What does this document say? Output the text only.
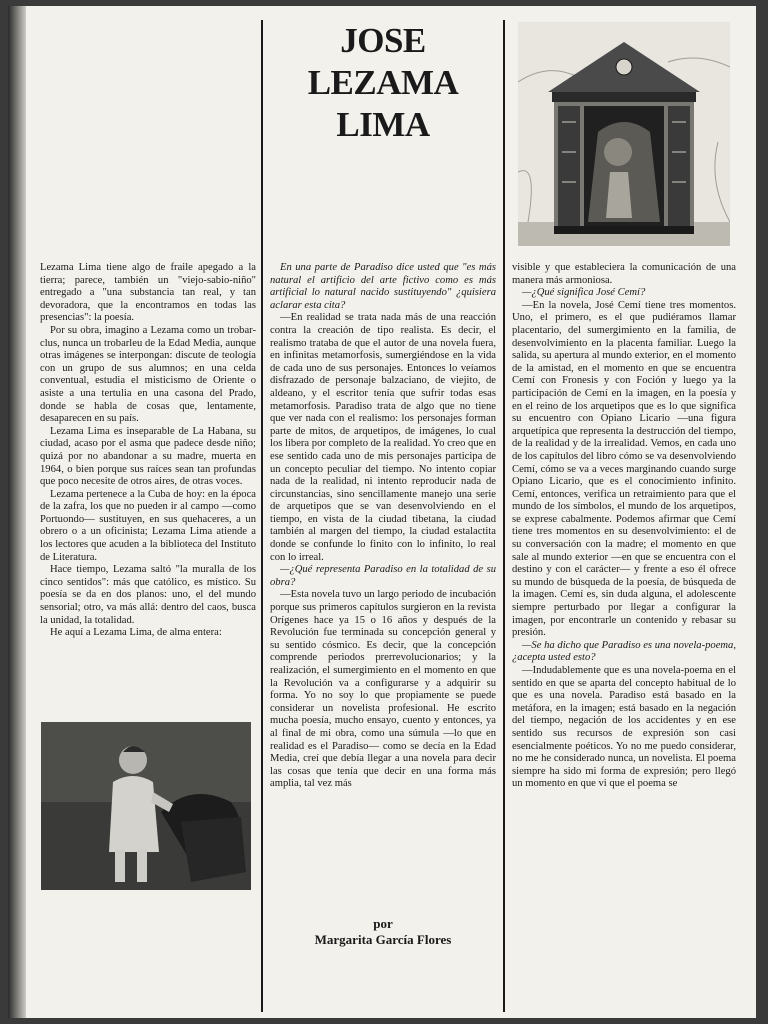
JOSE
LEZAMA
LIMA

Lezama Lima tiene algo de fraile apegado a la tierra; parece, también un "viejo-sabio-niño" entregado a "una substancia tan real, y tan devoradora, que la encontramos en todas las presencias": la poesía.

Por su obra, imagino a Lezama como un trobar-clus, nunca un trobarleu de la Edad Media, aunque otras imágenes se interpongan: discute de teología con un grupo de sus alumnos; en una celda conventual, estudia el misticismo de Oriente o asiste a una tertulia en una casona del Prado, donde se habla de cosas que, lentamente, desaparecen en su país.

Lezama Lima es inseparable de La Habana, su ciudad, acaso por el asma que padece desde niño; quizá por no abandonar a su madre, muerta en 1964, o bien porque sus raíces sean tan profundas que poco necesite de otros aires, de otras voces.

Lezama pertenece a la Cuba de hoy: en la época de la zafra, los que no pueden ir al campo —como Portuondo— sustituyen, en sus quehaceres, a un obrero o a un oficinista; Lezama Lima atiende a los lectores que acuden a la biblioteca del Instituto de Literatura.

Hace tiempo, Lezama saltó "la muralla de los cinco sentidos": más que católico, es místico. Su poesía se da en dos planos: uno, el del mundo sensorial; otro, va más allá: dentro del caos, busca la unidad, la totalidad.

He aquí a Lezama Lima, de alma entera:

En una parte de Paradiso dice usted que "es más natural el artificio del arte fictivo como es más artificial lo natural nacido sustituyendo" ¿quisiera aclarar esta cita?

—En realidad se trata nada más de una reacción contra la creación de tipo realista. Es decir, el realismo trataba de que el autor de una novela fuera, en infinitas metamorfosis, sumergiéndose en la vida de cada uno de sus personajes. Entonces lo veíamos disfrazado de personaje balzaciano, de viejito, de aldeano, y el escritor tenía que sufrir todas esas metamorfosis. Paradiso trata de algo que no tiene que ver nada con el realismo: los personajes forman parte de mitos, de arquetipos, de imágenes, lo cual los libera por completo de la realidad. Yo creo que en ese sentido cada uno de mis personajes participa de un concepto peculiar del tiempo. No intento copiar nada de la realidad, ni intento reproducir nada de circunstancias, sino sencillamente manejo una serie de arquetipos que se van desenvolviendo en el tiempo, en vista de la ciudad tibetana, la ciudad también al margen del tiempo, la ciudad estalactita donde se confunde lo finito con lo infinito, lo real con lo irreal.

—¿Qué representa Paradiso en la totalidad de su obra?

—Esta novela tuvo un largo periodo de incubación porque sus primeros capítulos surgieron en la revista Orígenes hace ya 15 o 16 años y después de la Revolución fue terminada su concepción general y su sentido cósmico. Es decir, que la concepción comprende periodos prerrevolucionarios; y la realización, el sumergimiento en el momento en que la Revolución va a configurarse y a adquirir su forma. Yo no soy lo que propiamente se puede considerar un novelista profesional. He escrito mucha poesía, mucho ensayo, cuento y entonces, ya al final de mi obra, como una súmula —lo que en realidad es el Paradiso— como se decía en la Edad Media, creí que debía llegar a una novela para decir las cosas que tenía que decir en una forma más amplia, tal vez más

por
Margarita García Flores

visible y que estableciera la comunicación de una manera más armoniosa.

—¿Qué significa José Cemí?

—En la novela, José Cemí tiene tres momentos. Uno, el primero, es el que pudiéramos llamar placentario, del sumergimiento en la familia, de desenvolvimiento en la placenta familiar. Luego la salida, su apertura al mundo exterior, en el momento de la amistad, en el momento en que se encuentra Cemí con Fronesis y con Foción y luego ya la participación de Cemí en la imagen, en la poesía y en el reino de los arquetipos que es lo que significa su encuentro con Opiano Licario —una figura arquetípica que representa la destrucción del tiempo, de la realidad y de la irrealidad. Vemos, en cada uno de los capítulos del libro cómo se va desenvolviendo Cemí, cómo se va a veces marginando cuando surge Opiano Licario, que es el conocimiento infinito. Cemí, entonces, verifica un retraimiento para que el mundo de los símbolos, el mundo de los arquetipos, se exprese cabalmente. Podemos afirmar que Cemí tiene tres momentos en su desenvolvimiento: el de su conversación con la madre; el momento en que sale al mundo exterior —en que se encuentra con el destino y con el carácter— y frente a eso él ofrece su mundo de búsqueda de la poesía, de búsqueda de la imagen. Cemí es, sin duda alguna, el adolescente siempre perturbado por llegar a configurar la imagen, por encontrarle un contenido y rebasar su presión.

—Se ha dicho que Paradiso es una novela-poema, ¿acepta usted esto?

—Indudablemente que es una novela-poema en el sentido en que se aparta del concepto habitual de lo que es una novela. Paradiso está basado en la metáfora, en la imagen; está basado en la negación del tiempo, negación de los accidentes y en ese sentido sus recursos de expresión son casi esencialmente poéticos. Yo no me puedo considerar, no me he considerado nunca, un novelista. El poema siempre ha sido mi forma de expresión; pero llegó un momento en que vi que el poema se
